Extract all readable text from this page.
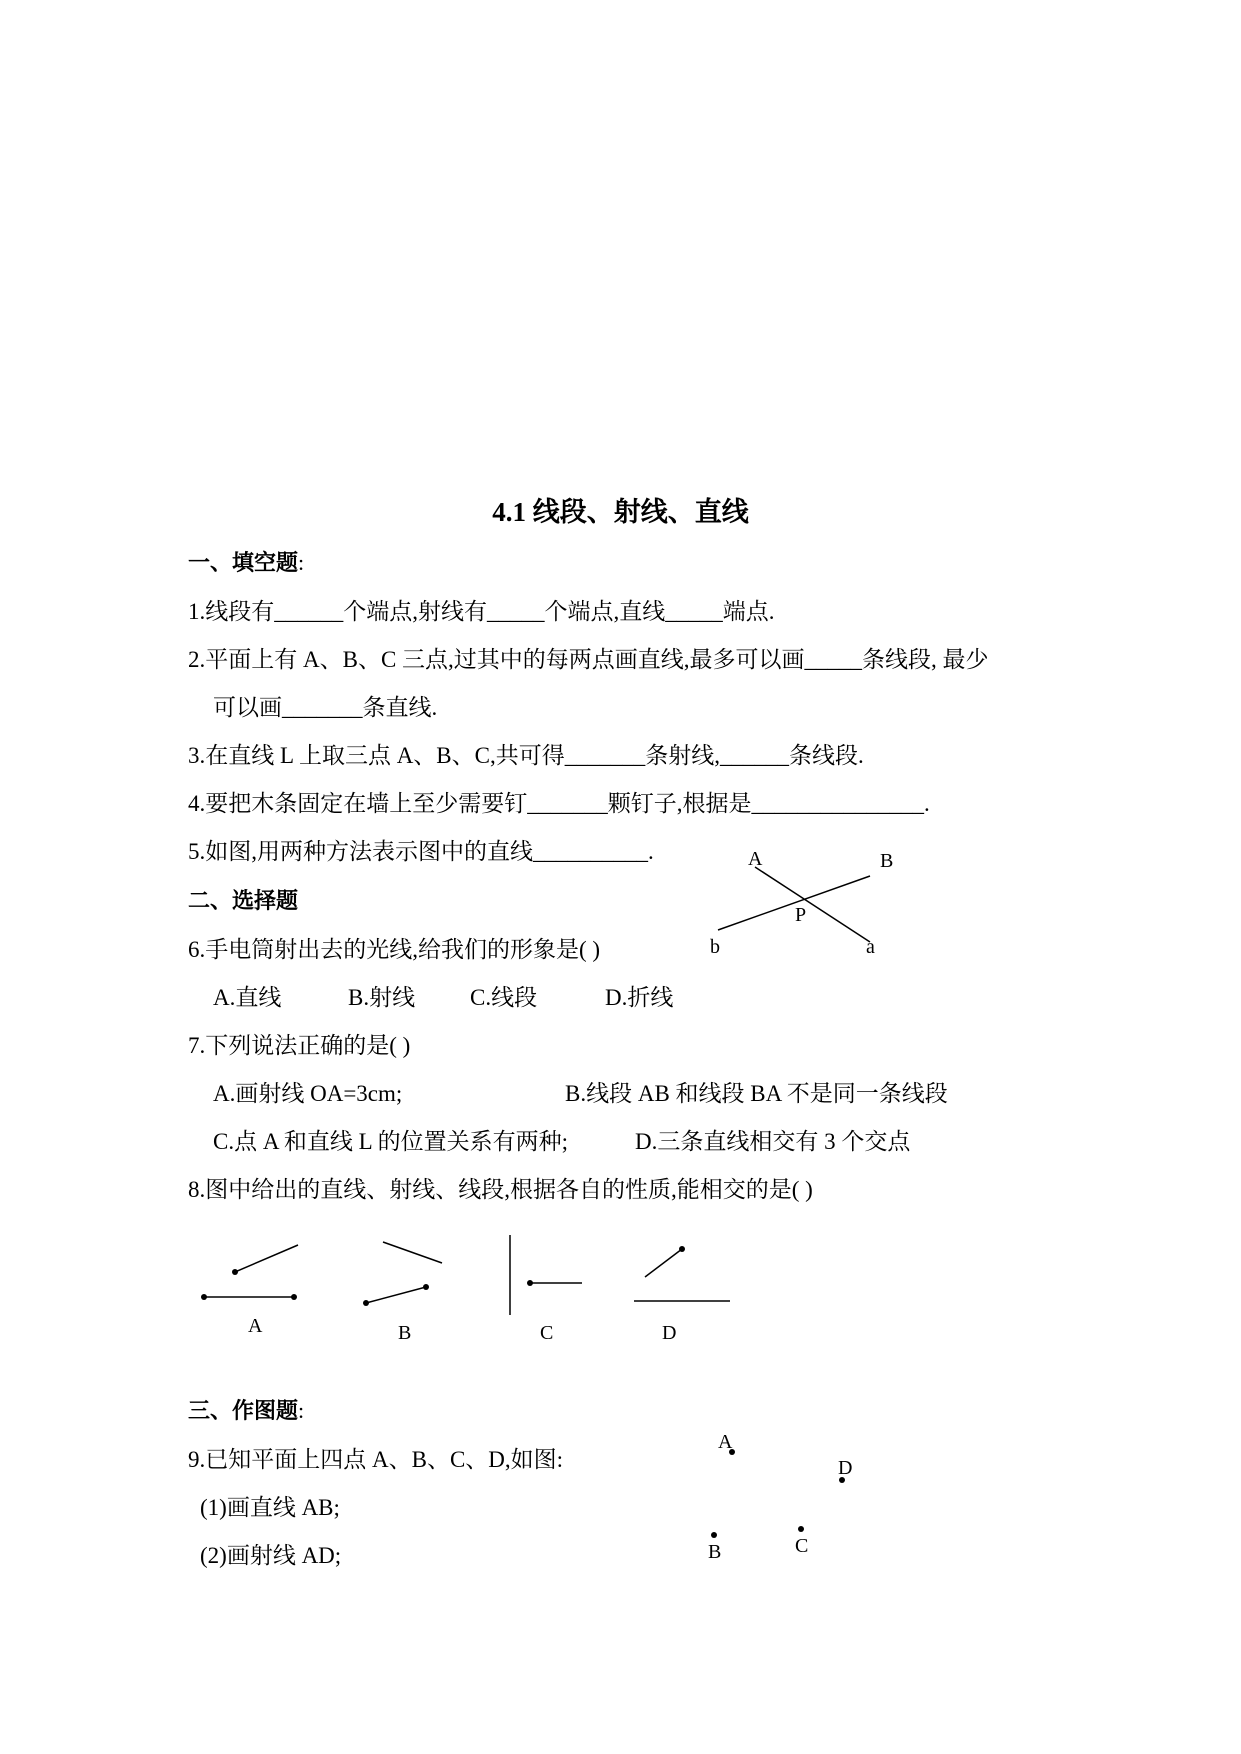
4.1 线段、射线、直线
一、填空题:
1.线段有______个端点,射线有_____个端点,直线_____端点.
2.平面上有 A、B、C 三点,过其中的每两点画直线,最多可以画_____条线段, 最少
可以画_______条直线.
3.在直线 L 上取三点 A、B、C,共可得_______条射线,______条线段.
4.要把木条固定在墙上至少需要钉_______颗钉子,根据是_______________.
5.如图,用两种方法表示图中的直线__________.	A	B
P
b	a
二、选择题
6.手电筒射出去的光线,给我们的形象是( )
A.直线	B.射线 C.线段	D.折线
7.下列说法正确的是( )
A.画射线 OA=3cm;	B.线段 AB 和线段 BA 不是同一条线段
C.点 A 和直线 L 的位置关系有两种;	D.三条直线相交有 3 个交点
8.图中给出的直线、射线、线段,根据各自的性质,能相交的是( )
A	B	C	D
三、作图题:
9.已知平面上四点 A、B、C、D,如图:
(1)画直线 AB;
(2)画射线 AD;
A
D
B	C
